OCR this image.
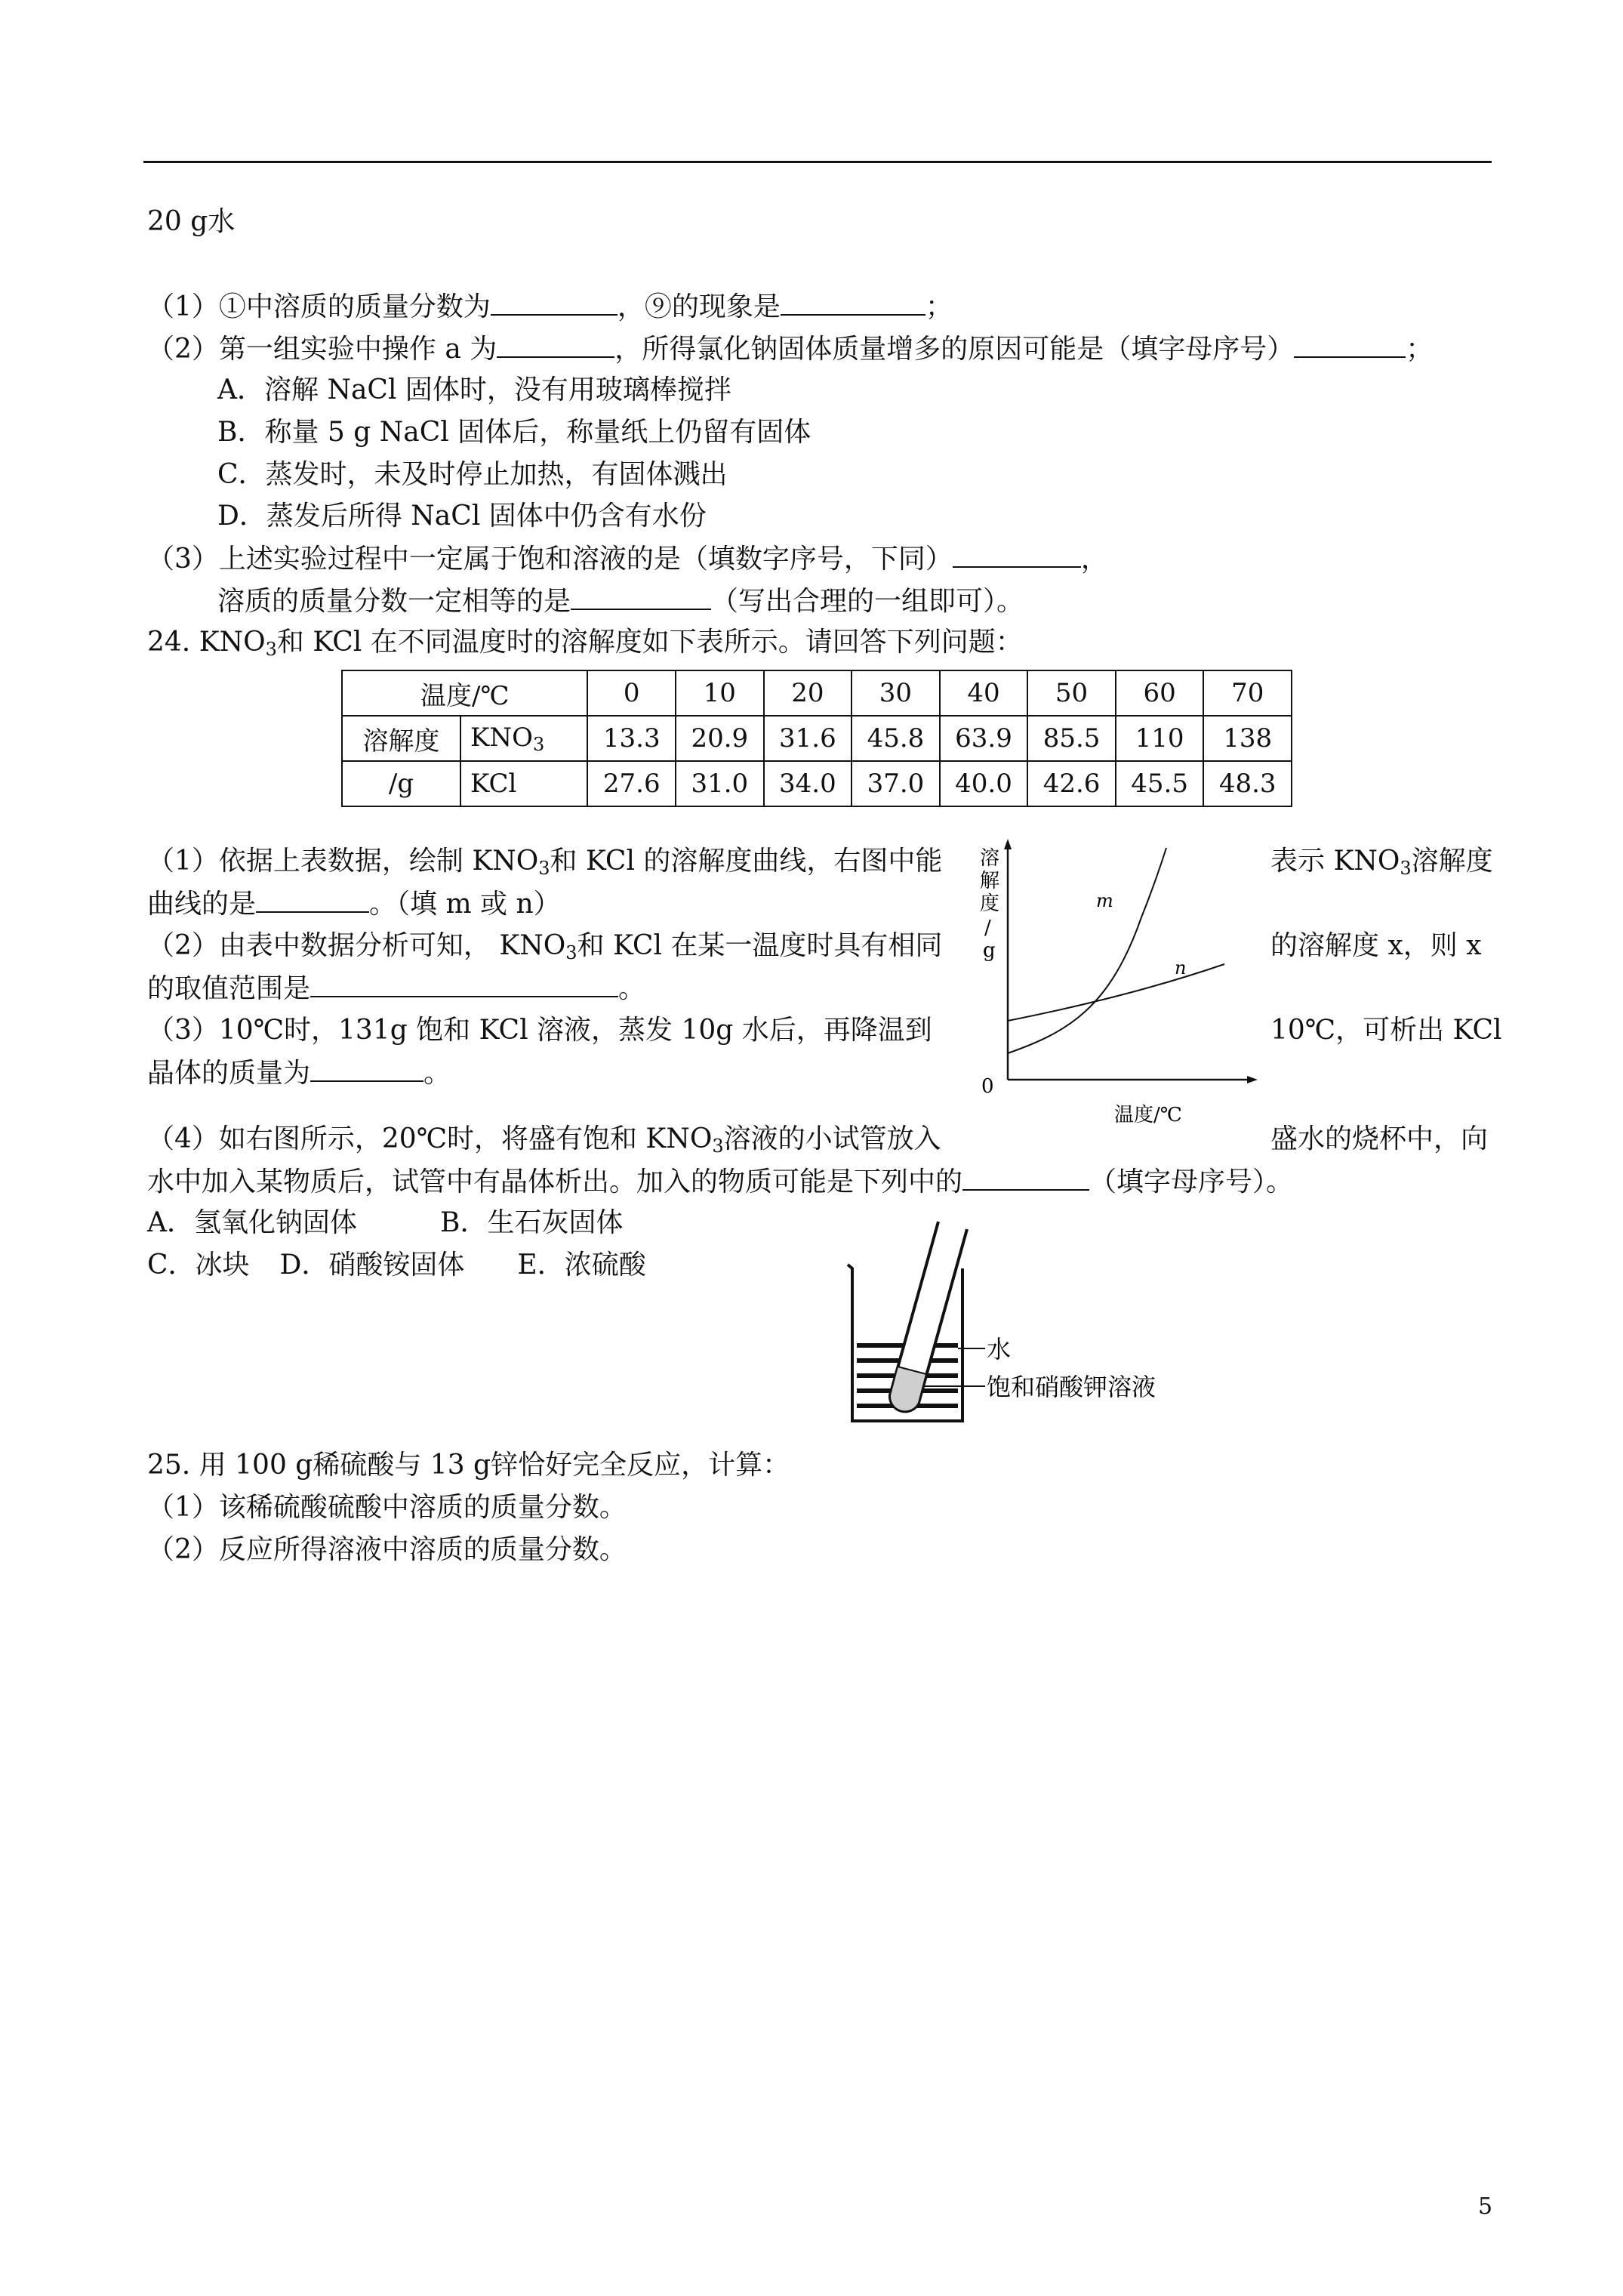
20 g水
（1）①中溶质的质量分数为	，⑨的现象是	；
（2）第一组实验中操作 a 为	，所得氯化钠固体质量增多的原因可能是（填字母序号）	；
A．溶解 NaCl 固体时，没有用玻璃棒搅拌
B．称量 5 g NaCl 固体后，称量纸上仍留有固体
C．蒸发时，未及时停止加热，有固体溅出
D．蒸发后所得 NaCl 固体中仍含有水份
（3）上述实验过程中一定属于饱和溶液的是（填数字序号，下同）	，
溶质的质量分数一定相等的是	（写出合理的一组即可）。
24. $KNO_3$和 KCl 在不同温度时的溶解度如下表所示。请回答下列问题：
温度/℃		0	10	20	30	40	50	60	70
溶解度	$KNO_3$	13.3	20.9	31.6	45.8	63.9	85.5	110	138
/g	KCl	27.6	31.0	34.0	37.0	40.0	42.6	45.5	48.3
（1）依据上表数据，绘制 $KNO_3$和 KCl 的溶解度曲线，右图中能	表示 $KNO_3$溶解度
曲线的是	。（填 m 或 n）
（2）由表中数据分析可知， $KNO_3$和 KCl 在某一温度时具有相同	的溶解度 x，则 x
的取值范围是	。
（3）10℃时，131g 饱和 KCl 溶液，蒸发 10g 水后，再降温到	10℃，可析出 KCl
晶体的质量为	。
溶
解
度
/
g
0
温度/℃
m
n
（4）如右图所示，20℃时，将盛有饱和 $KNO_3$溶液的小试管放入	盛水的烧杯中，向
水中加入某物质后，试管中有晶体析出。加入的物质可能是下列中的	（填字母序号）。
A．氢氧化钠固体	B．生石灰固体
C．冰块 D．硝酸铵固体 E．浓硫酸
水
饱和硝酸钾溶液
25. 用 100 g稀硫酸与 13 g锌恰好完全反应，计算：
（1）该稀硫酸硫酸中溶质的质量分数。
（2）反应所得溶液中溶质的质量分数。
5
